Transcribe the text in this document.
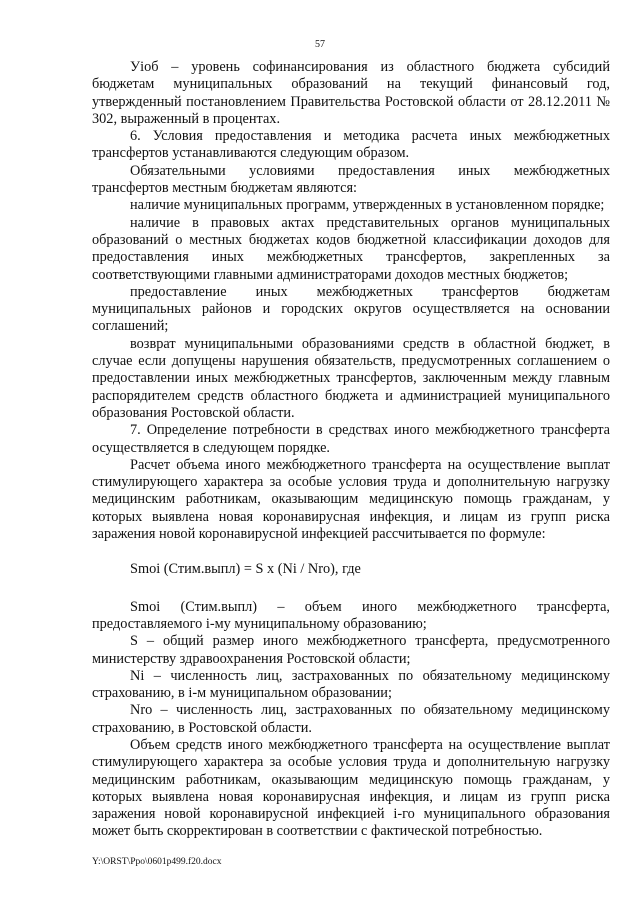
57

Уioб – уровень софинансирования из областного бюджета субсидий бюджетам муниципальных образований на текущий финансовый год, утвержденный постановлением Правительства Ростовской области от 28.12.2011 № 302, выраженный в процентах.

6. Условия предоставления и методика расчета иных межбюджетных трансфертов устанавливаются следующим образом.

Обязательными условиями предоставления иных межбюджетных трансфертов местным бюджетам являются:

наличие муниципальных программ, утвержденных в установленном порядке;

наличие в правовых актах представительных органов муниципальных образований о местных бюджетах кодов бюджетной классификации доходов для предоставления иных межбюджетных трансфертов, закрепленных за соответствующими главными администраторами доходов местных бюджетов;

предоставление иных межбюджетных трансфертов бюджетам муниципальных районов и городских округов осуществляется на основании соглашений;

возврат муниципальными образованиями средств в областной бюджет, в случае если допущены нарушения обязательств, предусмотренных соглашением о предоставлении иных межбюджетных трансфертов, заключенным между главным распорядителем средств областного бюджета и администрацией муниципального образования Ростовской области.

7. Определение потребности в средствах иного межбюджетного трансферта осуществляется в следующем порядке.

Расчет объема иного межбюджетного трансферта на осуществление выплат стимулирующего характера за особые условия труда и дополнительную нагрузку медицинским работникам, оказывающим медицинскую помощь гражданам, у которых выявлена новая коронавирусная инфекция, и лицам из групп риска заражения новой коронавирусной инфекцией рассчитывается по формуле:

Smoi (Стим.выпл) = S x (Ni / Nro), где

Smoi (Стим.выпл) – объем иного межбюджетного трансферта, предоставляемого i-му муниципальному образованию;

S – общий размер иного межбюджетного трансферта, предусмотренного министерству здравоохранения Ростовской области;

Ni – численность лиц, застрахованных по обязательному медицинскому страхованию, в i-м муниципальном образовании;

Nro – численность лиц, застрахованных по обязательному медицинскому страхованию, в Ростовской области.

Объем средств иного межбюджетного трансферта на осуществление выплат стимулирующего характера за особые условия труда и дополнительную нагрузку медицинским работникам, оказывающим медицинскую помощь гражданам, у которых выявлена новая коронавирусная инфекция, и лицам из групп риска заражения новой коронавирусной инфекцией i-го муниципального образования может быть скорректирован в соответствии с фактической потребностью.

Y:\ORST\Ppo\0601p499.f20.docx
